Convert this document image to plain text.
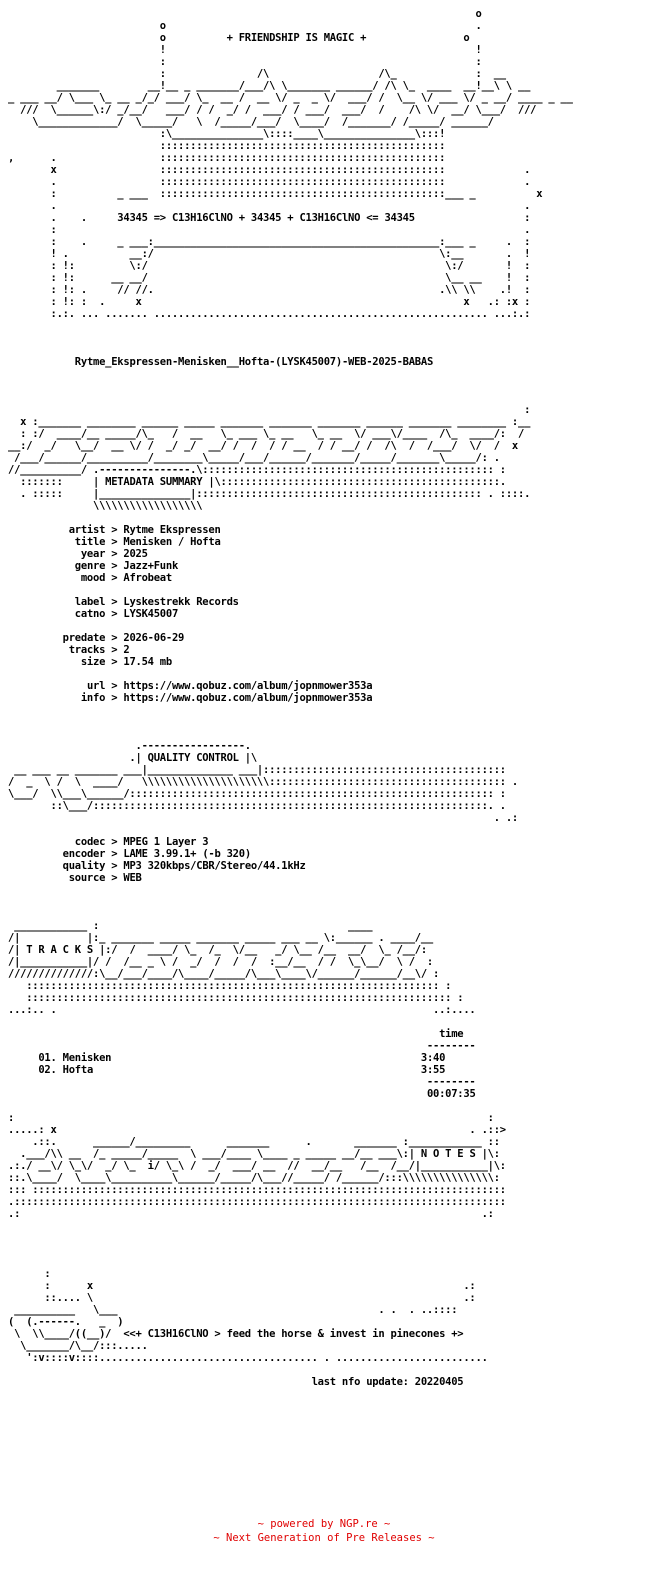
o
o                                                   .
o          + FRIENDSHIP IS MAGIC +                o
!                                                   !
:                                                   :
:               /\                  /\_             :  __
_______        __!__ _ _______/___/\ \_______ ______/ /\ \_  ____  __!__\ \ __
_ ___ __/ \___ \_ __ _/_/ ___/ \_  __ /  __ \/ _  _ \/  ___/ /  \__ \/ ___ \/ _ __/ ____ _ __
///  \______\:/ _/__/   ___/ / /  _/ /  ___/ / ___/  ___/  /    /\ \/  __/ \___/  ///
\_____________/  \_____/   \  /_____/___/  \____/  /_______/ /_____/ ______/
:\_______________\::::____\_______________\:::!
:::::::::::::::::::::::::::::::::::::::::::::::
,      .                 :::::::::::::::::::::::::::::::::::::::::::::::
x                 :::::::::::::::::::::::::::::::::::::::::::::::             .
.                 :::::::::::::::::::::::::::::::::::::::::::::::             .
:          _ ___  :::::::::::::::::::::::::::::::::::::::::::::::___ _          x
.                                                                             .
.    .	34345 => C13H16ClNO + 34345 + C13H16ClNO <= 34345	:
:                                                                             .
:    .     _ ___:_______________________________________________:___ _     .  :
! .          __:/                                               \:__       .  !
: !:         \:/                                                 \:/       !  :
: !:      __ __/                                                 \__ __    !  :
: !: .     // //.                                               .\\ \\    .!  :
: !: :  .     x                                                     x   .: :x :
:.:. ... ....... ....................................................... ...:.:

Rytme_Ekspressen-Menisken__Hofta-(LYSK45007)-WEB-2025-BABAS

:
x :_______ ________ ______ _____ _______ _______ _______ ______ _______ ________ :__
: :/  ____/__ _____/\_   /  __   \_ ___ \_ __   \_ __  \/ ___\/____  /\_  ____/:  /
__:/  _/   \__/  __ \/ /  _/ _/  __/ /  /  / / __  / / __/ /  /\  /  /___/  \/  /  x
/___/______/__________/________\_____/___/______/_______/_____/_______\_____/: .
//__________/ .---------------.\:::::::::::::::::::::::::::::::::::::::::::::::: :
:::::::     | METADATA SUMMARY |\::::::::::::::::::::::::::::::::::::::::::::::.
. :::::     |_______________|::::::::::::::::::::::::::::::::::::::::::::::: . ::::.
\\\\\\\\\\\\\\\\\\

artist > Rytme Ekspressen
title > Menisken / Hofta
year > 2025
genre > Jazz+Funk
mood > Afrobeat

label > Lyskestrekk Records
catno > LYSK45007

predate > 2026-06-29
tracks > 2
size > 17.54 mb

url > https://www.qobuz.com/album/jopnmower353a
info > https://www.qobuz.com/album/jopnmower353a

.-----------------.
.| QUALITY CONTROL |\
__ ___ __ _______ ___|______________ ___|::::::::::::::::::::::::::::::::::::::::
/  _  \ /  \  ____/   \\\\\\\\\\\\\\\\\\\\\::::::::::::::::::::::::::::::::::::::: .
\___/  \\___\______/:::::::::::::::::::::::::::::::::::::::::::::::::::::::::::: :
::\___/:::::::::::::::::::::::::::::::::::::::::::::::::::::::::::::::::. .
. .:

codec > MPEG 1 Layer 3
encoder > LAME 3.99.1+ (-b 320)
quality > MP3 320kbps/CBR/Stereo/44.1kHz
source > WEB

____________ :                                         ____
/|           |:_ _______ _____ _______ _____ ___ __ \:______ . ____/__
/| T R A C K S |:/  /  ____/ \_  /_  \/__   _/ \__ /__  __/  \_ /__/:
/|___________|/ /  /__ _ \ /  _/  /  /  /  :__/__  / /  \_\__/  \ /  :
//////////////:\__/___/____/\____/_____/\___\____\/______/______/__\/ :
:::::::::::::::::::::::::::::::::::::::::::::::::::::::::::::::::::: :
:::::::::::::::::::::::::::::::::::::::::::::::::::::::::::::::::::::: :
...:.. .                                                              ..:....

time
--------
01. Menisken	3:40
02. Hofta	3:55
--------
00:07:35

:                                                                              :
.....: x                                                                    . .::>
.::.      ______/_________      _______      .       _______ :____________ ::
.___/\\ __  /_ _____/_____  \ ___/____ \____ _ _____ __/__ ___\:| N O T E S |\:
.:./ __\/ \_\/  _/ \_  i/ \_\ /  _/  ___/ __  //  __/__   /__  /__/|___________|\:
::.\____/  \____\__________\______/_____/\___//_____/ /______/:::\\\\\\\\\\\\\\\:
::: ::::::::::::::::::::::::::::::::::::::::::::::::::::::::::::::::::::::::::::::
.:::::::::::::::::::::::::::::::::::::::::::::::::::::::::::::::::::::::::::::::::
.:                                                                            .:

:
:      x                                                             .:
::.... \                                                             .:
__________   \___                                           . .  . ..::::
(  (.------.   _  )
\  \\____/((__)/  <<+ C13H16ClNO > feed the horse & invest in pinecones +>
\_______/\__/:::.....
':v::::v::::.................................... . .........................

last nfo update: 20220405
~ powered by NGP.re ~
~ Next Generation of Pre Releases ~
